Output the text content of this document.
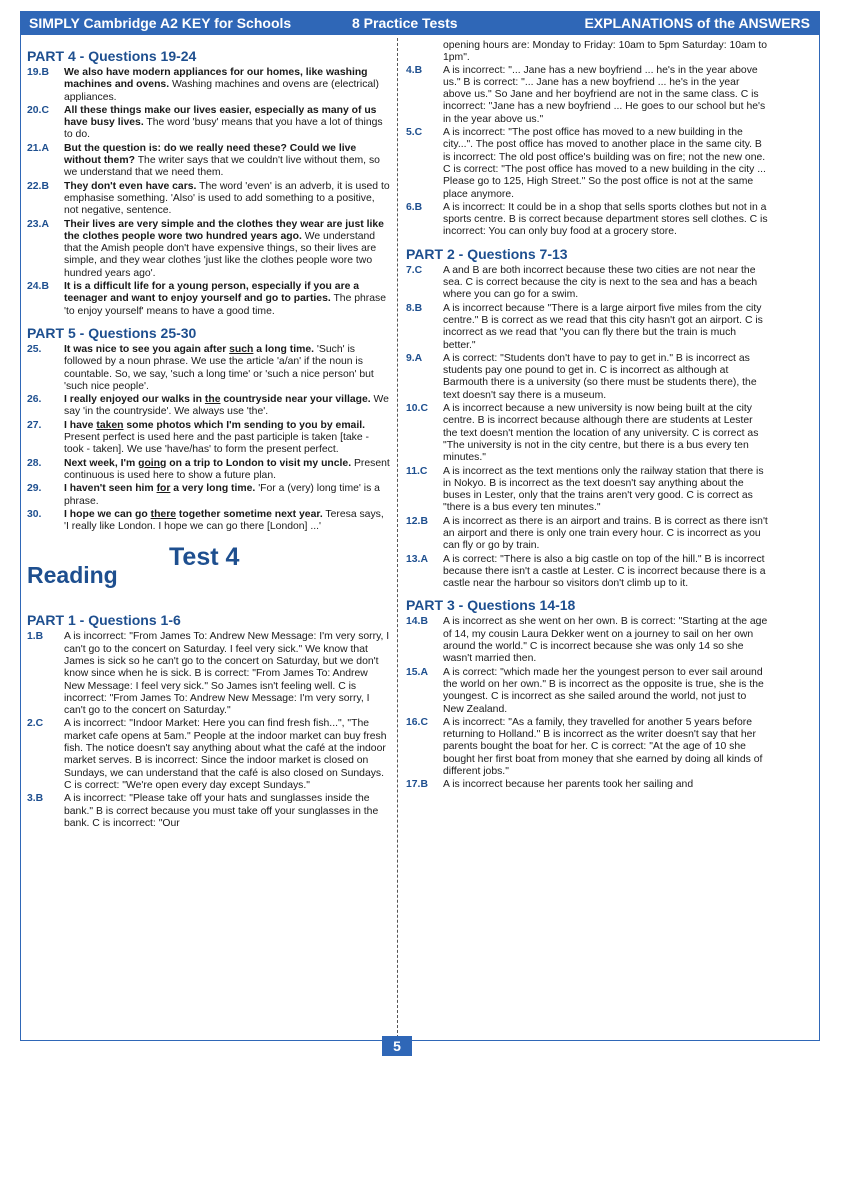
SIMPLY Cambridge A2 KEY for Schools	8 Practice Tests	EXPLANATIONS of the ANSWERS
PART 4 - Questions 19-24
19.B	We also have modern appliances for our homes, like washing machines and ovens. Washing machines and ovens are (electrical) appliances.
20.C	All these things make our lives easier, especially as many of us have busy lives. The word 'busy' means that you have a lot of things to do.
21.A	But the question is: do we really need these? Could we live without them? The writer says that we couldn't live without them, so we understand that we need them.
22.B	They don't even have cars. The word 'even' is an adverb, it is used to emphasise something. 'Also' is used to add something to a positive, not negative, sentence.
23.A	Their lives are very simple and the clothes they wear are just like the clothes people wore two hundred years ago. We understand that the Amish people don't have expensive things, so their lives are simple, and they wear clothes 'just like the clothes people wore two hundred years ago'.
24.B	It is a difficult life for a young person, especially if you are a teenager and want to enjoy yourself and go to parties. The phrase 'to enjoy yourself' means to have a good time.
PART 5 - Questions 25-30
25.	It was nice to see you again after such a long time. 'Such' is followed by a noun phrase. We use the article 'a/an' if the noun is countable. So, we say, 'such a long time' or 'such a nice person' but 'such nice people'.
26.	I really enjoyed our walks in the countryside near your village. We say 'in the countryside'. We always use 'the'.
27.	I have taken some photos which I'm sending to you by email. Present perfect is used here and the past participle is taken [take - took - taken]. We use 'have/has' to form the present perfect.
28.	Next week, I'm going on a trip to London to visit my uncle. Present continuous is used here to show a future plan.
29.	I haven't seen him for a very long time. 'For a (very) long time' is a phrase.
30.	I hope we can go there together sometime next year. Teresa says, 'I really like London. I hope we can go there [London] ...'
Reading
Test 4
PART 1 - Questions 1-6
1.B	A is incorrect: "From James To: Andrew New Message: I'm very sorry, I can't go to the concert on Saturday. I feel very sick." We know that James is sick so he can't go to the concert on Saturday, but we don't know since when he is sick. B is correct: "From James To: Andrew New Message: I feel very sick." So James isn't feeling well. C is incorrect: "From James To: Andrew New Message: I'm very sorry, I can't go to the concert on Saturday."
2.C	A is incorrect: "Indoor Market: Here you can find fresh fish...", "The market cafe opens at 5am." People at the indoor market can buy fresh fish. The notice doesn't say anything about what the café at the indoor market serves. B is incorrect: Since the indoor market is closed on Sundays, we can understand that the café is also closed on Sundays. C is correct: "We're open every day except Sundays."
3.B	A is incorrect: "Please take off your hats and sunglasses inside the bank." B is correct because you must take off your sunglasses in the bank. C is incorrect: "Our
opening hours are: Monday to Friday: 10am to 5pm Saturday: 10am to 1pm".
4.B	A is incorrect: "... Jane has a new boyfriend ... he's in the year above us." B is correct: "... Jane has a new boyfriend ... he's in the year above us." So Jane and her boyfriend are not in the same class. C is incorrect: "Jane has a new boyfriend ... He goes to our school but he's in the year above us."
5.C	A is incorrect: "The post office has moved to a new building in the city...". The post office has moved to another place in the same city. B is incorrect: The old post office's building was on fire; not the new one. C is correct: "The post office has moved to a new building in the city ... Please go to 125, High Street." So the post office is not at the same place anymore.
6.B	A is incorrect: It could be in a shop that sells sports clothes but not in a sports centre. B is correct because department stores sell clothes. C is incorrect: You can only buy food at a grocery store.
PART 2 - Questions 7-13
7.C	A and B are both incorrect because these two cities are not near the sea. C is correct because the city is next to the sea and has a beach where you can go for a swim.
8.B	A is incorrect because "There is a large airport five miles from the city centre." B is correct as we read that this city hasn't got an airport. C is incorrect as we read that "you can fly there but the train is much better."
9.A	A is correct: "Students don't have to pay to get in." B is incorrect as students pay one pound to get in. C is incorrect as although at Barmouth there is a university (so there must be students there), the text doesn't say there is a museum.
10.C	A is incorrect because a new university is now being built at the city centre. B is incorrect because although there are students at Lester the text doesn't mention the location of any university. C is correct as "The university is not in the city centre, but there is a bus every ten minutes."
11.C	A is incorrect as the text mentions only the railway station that there is in Nokyo. B is incorrect as the text doesn't say anything about the buses in Lester, only that the trains aren't very good. C is correct as "there is a bus every ten minutes."
12.B	A is incorrect as there is an airport and trains. B is correct as there isn't an airport and there is only one train every hour. C is incorrect as you can fly or go by train.
13.A	A is correct: "There is also a big castle on top of the hill." B is incorrect because there isn't a castle at Lester. C is incorrect because there is a castle near the harbour so visitors don't climb up to it.
PART 3 - Questions 14-18
14.B	A is incorrect as she went on her own. B is correct: "Starting at the age of 14, my cousin Laura Dekker went on a journey to sail on her own around the world." C is incorrect because she was only 14 so she wasn't married then.
15.A	A is correct: "which made her the youngest person to ever sail around the world on her own." B is incorrect as the opposite is true, she is the youngest. C is incorrect as she sailed around the world, not just to New Zealand.
16.C	A is incorrect: "As a family, they travelled for another 5 years before returning to Holland." B is incorrect as the writer doesn't say that her parents bought the boat for her. C is correct: "At the age of 10 she bought her first boat from money that she earned by doing all kinds of different jobs."
17.B	A is incorrect because her parents took her sailing and
5
